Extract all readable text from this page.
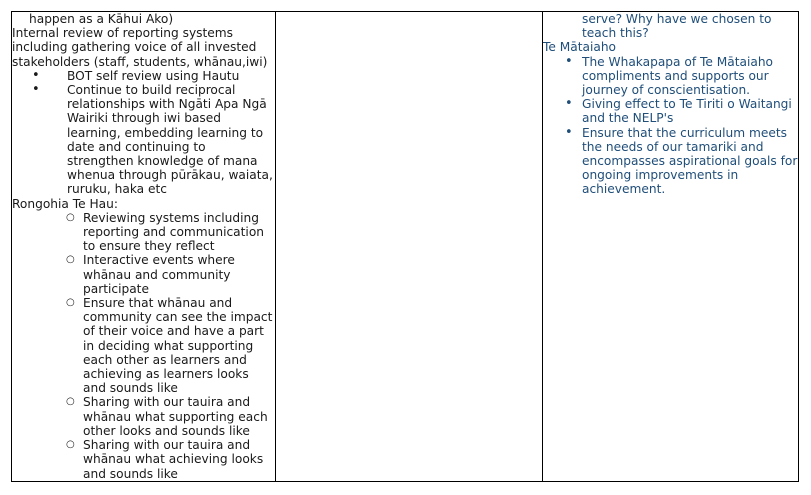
happen as a Kāhui Ako)
Internal review of reporting systems including gathering voice of all invested stakeholders (staff, students, whānau,iwi)
• BOT self review using Hautu
• Continue to build reciprocal relationships with Ngāti Apa Ngā Wairiki through iwi based learning, embedding learning to date and continuing to strengthen knowledge of mana whenua through pūrākau, waiata, ruruku, haka etc
Rongohia Te Hau:
○ Reviewing systems including reporting and communication to ensure they reflect
○ Interactive events where whānau and community participate
○ Ensure that whānau and community can see the impact of their voice and have a part in deciding what supporting each other as learners and achieving as learners looks and sounds like
○ Sharing with our tauira and whānau what supporting each other looks and sounds like
○ Sharing with our tauira and whānau what achieving looks and sounds like

serve? Why have we chosen to teach this?
Te Mātaiaho
• The Whakapapa of Te Mātaiaho compliments and supports our journey of conscientisation.
• Giving effect to Te Tiriti o Waitangi and the NELP's
• Ensure that the curriculum meets the needs of our tamariki and encompasses aspirational goals for ongoing improvements in achievement.
